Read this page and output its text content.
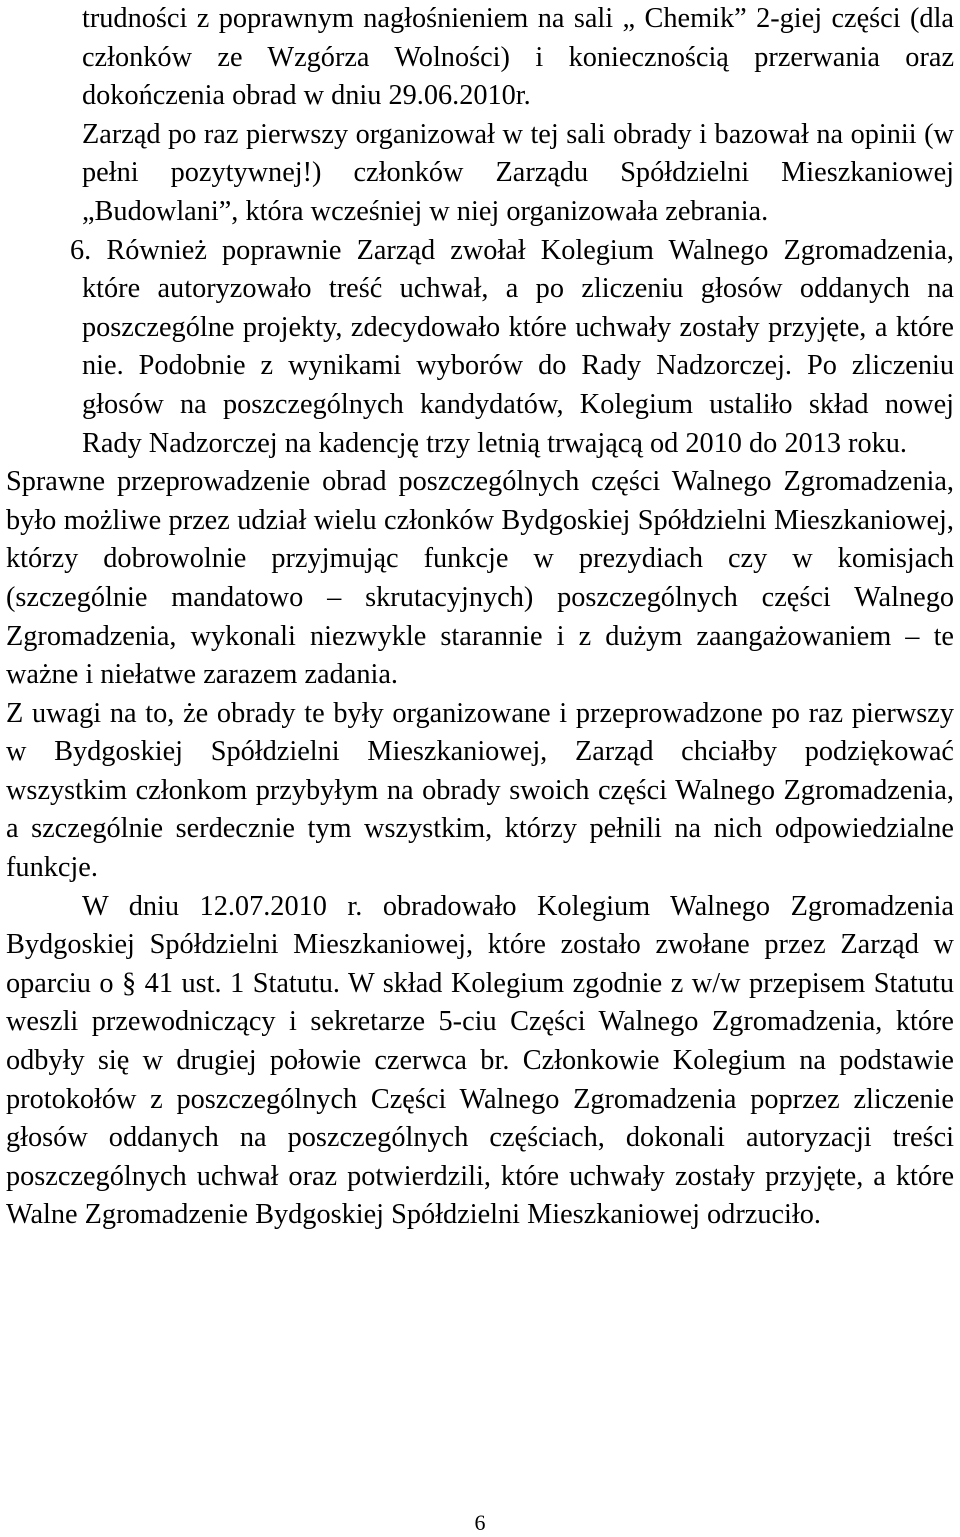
trudności z poprawnym nagłośnieniem na sali „ Chemik” 2-giej części (dla członków ze Wzgórza Wolności) i koniecznością przerwania oraz dokończenia obrad w dniu 29.06.2010r.

Zarząd po raz pierwszy organizował w tej sali obrady i bazował na opinii (w pełni pozytywnej!) członków Zarządu Spółdzielni Mieszkaniowej „Budowlani”, która wcześniej w niej organizowała zebrania.

6. Również poprawnie Zarząd zwołał Kolegium Walnego Zgromadzenia, które autoryzowało treść uchwał, a po zliczeniu głosów oddanych na poszczególne projekty, zdecydowało które uchwały zostały przyjęte, a które nie. Podobnie z wynikami wyborów do Rady Nadzorczej. Po zliczeniu głosów na poszczególnych kandydatów, Kolegium ustaliło skład nowej Rady Nadzorczej na kadencję trzy letnią trwającą od 2010 do 2013 roku.

Sprawne przeprowadzenie obrad poszczególnych części Walnego Zgromadzenia, było możliwe przez udział wielu członków Bydgoskiej Spółdzielni Mieszkaniowej, którzy dobrowolnie przyjmując funkcje w prezydiach czy w komisjach (szczególnie mandatowo – skrutacyjnych) poszczególnych części Walnego Zgromadzenia, wykonali niezwykle starannie i z dużym zaangażowaniem – te ważne i niełatwe zarazem zadania.

Z uwagi na to, że obrady te były organizowane i przeprowadzone po raz pierwszy w Bydgoskiej Spółdzielni Mieszkaniowej, Zarząd chciałby podziękować wszystkim członkom przybyłym na obrady swoich części Walnego Zgromadzenia, a szczególnie serdecznie tym wszystkim, którzy pełnili na nich odpowiedzialne funkcje.

W dniu 12.07.2010 r. obradowało Kolegium Walnego Zgromadzenia Bydgoskiej Spółdzielni Mieszkaniowej, które zostało zwołane przez Zarząd w oparciu o § 41 ust. 1 Statutu. W skład Kolegium zgodnie z w/w przepisem Statutu weszli przewodniczący i sekretarze 5-ciu Części Walnego Zgromadzenia, które odbyły się w drugiej połowie czerwca br. Członkowie Kolegium na podstawie protokołów z poszczególnych Części Walnego Zgromadzenia poprzez zliczenie głosów oddanych na poszczególnych częściach, dokonali autoryzacji treści poszczególnych uchwał oraz potwierdzili, które uchwały zostały przyjęte, a które Walne Zgromadzenie Bydgoskiej Spółdzielni Mieszkaniowej odrzuciło.

6
